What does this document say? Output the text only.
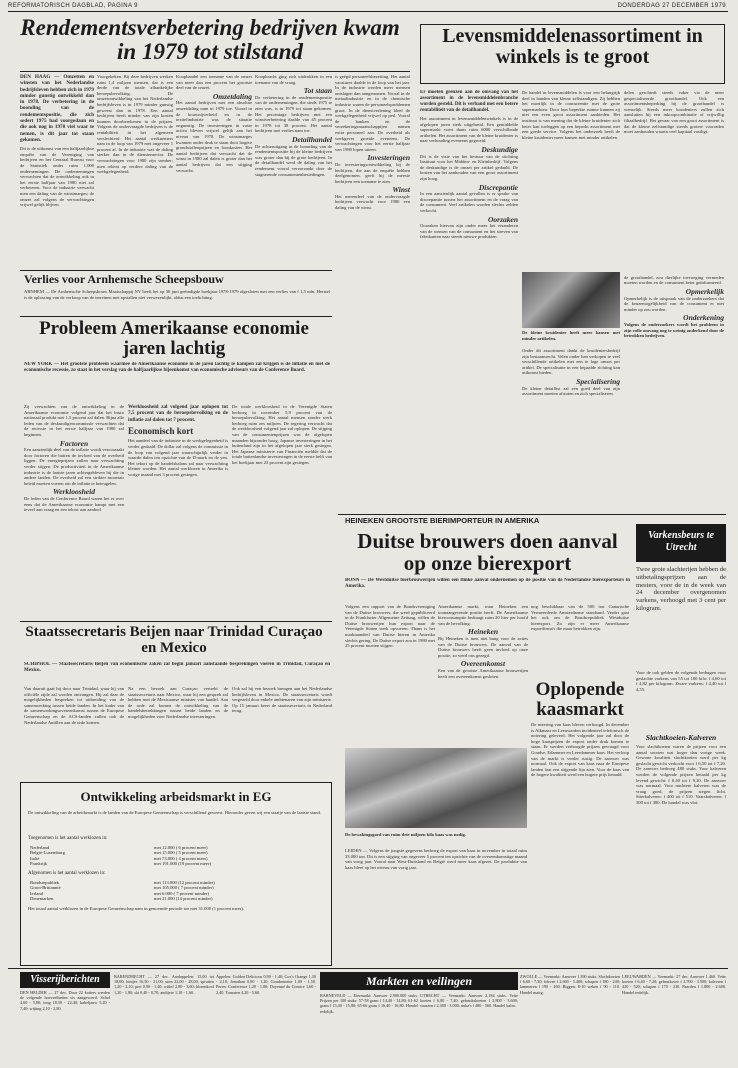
REFORMATORISCH DAGBLAD, PAGINA 9	DONDERDAG 27 DECEMBER 1979
Rendementsverbetering bedrijven kwam in 1979 tot stilstand
DEN HAAG — Omzetten en winsten van het Nederlandse bedrijfsleven hebben zich in 1979 minder gunstig ontwikkeld dan in 1978. De verbetering in de boonding van de rendementspositie, die zich sedert 1975 had voorgedaan en die ook nog in 1978 viel waar te nemen, is dit jaar tot staan gekomen.
Dit is de uitkomst van een halfjaarlijkse enquête van de Vereniging van bedrijven en het Centraal Bureau voor de Statistiek onder ruim 1.000 ondernemingen. De ondernemingen verwachten dat de ontwikkeling ook in het eerste halfjaar van 1980 niet zal verbeteren. Voor de industrie verwacht men een daling van de winstmarges; de omzet zal volgens de verwachtingen vrijwel gelijk blijven.
Voorgekeken. Bij deze bedrijven werken ruim 1,4 miljoen mensen, dat is een derde van de totale afhankelijke beroepsbevolking. De omzetontwikkeling van het Nederlandse bedrijfsleven is in 1979 minder gunstig geweest dan in 1978. Een aantal bedrijven heeft minder van zijn kosten kunnen doorberekenen in de prijzen. Volgens de ondervraagde bedrijven is de rentabiliteit in het algemeen verslechterd. Het aantal werknemers nam in de loop van 1979 met ongeveer 1 procent af. In de industrie was de daling sterker dan in de dienstensector. De verwachtingen voor 1980 zijn somber; men rekent op verdere daling van de werkgelegenheid.
Koophandel een toename van de omzet van meer dan een procent het grootste deel van de omzet.
Omzetdaling
Het aantal bedrijven met een absolute omzetdaling nam in 1979 toe. Vooral in de bouwnijverheid en in de textielindustrie was de situatie ongunstig. De investeringen in vaste activa bleven vrijwel gelijk aan het niveau van 1978. De winstmarges kwamen onder druk te staan door hogere grondstoffenprijzen en loonkosten. Het aantal bedrijven dat verwacht dat de winst in 1980 zal dalen is groter dan het aantal bedrijven dat een stijging verwacht.
Koopkracht ging zich uitdrukken in een toename van de vraag.
Tot staan
De verbetering in de rendementspositie van de ondernemingen, die sinds 1975 te zien was, is in 1979 tot staan gekomen. Het percentage bedrijven met een winstverbetering daalde van 45 procent in 1978 tot 38 procent. Het aantal bedrijven met verlies nam toe.
Detailhandel
De achteruitgang in de boonding van de rendementspositie bij de kleine bedrijven was groter dan bij de grote bedrijven. In de detailhandel werd de daling van het rendement vooral veroorzaakt door de stagnerende consumentenbestedingen.
is geëgd personeelsbezetting. Het aantal vacatures daalde in de loop van het jaar. In de industrie werden meer mensen ontslagen dan aangenomen. Vooral in de metaalindustrie en in de chemische industrie waren de personeelsproblemen groot. In de dienstverlening bleef de werkgelegenheid vrijwel op peil. Vooral de banken en de verzekeringsmaatschappijen namen extra personeel aan. De overheid als werkgever groeide eveneens. De verwachtingen voor het eerste halfjaar van 1980 lopen uiteen.
Investeringen
De investeringsontwikkeling bij de bedrijven, die aan de enquête hebben deelgenomen, geeft bij de meeste bedrijven een toename te zien.
Winst
Het merendeel van de ondervraagde bedrijven verwacht voor 1980 een daling van de winst.
Verlies voor Arnhemsche Scheepsbouw
ARNHEM — De Arnhemsche Scheepsbouw Maatschappij NV heeft het op 30 juni geëindigde boekjaar 1978-1979 afgesloten met een verlies van f 1,5 mln. Herstel is de oplossing van de verkoop van de terreinen met opstallen niet verwezenlijkt, aldus een toelichting.
Probleem Amerikaanse economie jaren lachtig
NEW YORK — Het grootste probleem waarmee de Amerikaanse economie in de jaren tachtig te kampen zal krijgen is de inflatie en niet de economische recessie, zo staat in het verslag van de halfjaarlijkse bijeenkomst van economische adviseurs van de Conference Board.
Zij verwachten van de ontwikkeling in de Amerikaanse economie volgend jaar dat het bruto nationaal produkt met 1,5 procent zal dalen. Bijna alle leden van de deskundigencommissie verwachten dat de recessie in het eerste halfjaar van 1980 zal beginnen.
Factoren
Een aanzienlijk deel van de inflatie wordt veroorzaakt door factoren die buiten de invloed van de overheid liggen. De energieprijzen zullen naar verwachting verder stijgen. De productiviteit in de Amerikaanse industrie is de laatste jaren achtergebleven bij die in andere landen. De overheid zal een strikter monetair beleid moeten voeren om de inflatie te beteugelen.
Werkloosheid
De leden van de Conference Board waren het er over eens dat de Amerikaanse economie kampt met een teveel aan vraag en een tekort aan aanbod.
Werkloosheid zal volgend jaar oplopen tot 7,5 procent van de beroepsbevolking en de inflatie zal dalen tot 7 procent.
Economisch kort
Het aandeel van de industrie in de werkgelegenheid is verder gedaald. De dollar zal volgens de commissie in de loop van volgend jaar waarschijnlijk verder in waarde dalen ten opzichte van de D-mark en de yen. Het tekort op de handelsbalans zal naar verwachting kleiner worden. Het aantal werklozen in Amerika is vorige maand met 3 procent gestegen.
De totale werkloosheid in de Verenigde Staten bedroeg in november 5,9 procent van de beroepsbevolking. Het aantal mensen zonder werk bedroeg ruim zes miljoen. De regering verwacht dat de werkloosheid volgend jaar zal oplopen. De stijging van de consumentenprijzen was de afgelopen maanden bijzonder hoog. Japanse investeringen in het buitenland zijn in het afgelopen jaar sterk gestegen. Het Japanse ministerie van Financiën meldde dat de totale buitenlandse investeringen in de eerste helft van het boekjaar met 23 procent zijn gestegen.
Staatssecretaris Beijen naar Trinidad Curaçao en Mexico
SCHIPHOL — Staatssecretaris Beijen van economische zaken zal begin januari aanstaande besprekingen voeren in Trinidad, Curaçao en Mexico.
Van daaruit gaat hij door naar Trinidad, waar hij van officiële zijde zal worden ontvangen. Hij zal daar de mogelijkheden bespreken tot uitbreiding van de samenwerking tussen beide landen. In het kader van de samenwerkingsovereenkomst tussen de Europese Gemeenschap en de ACS-landen zullen ook de Nederlandse Antillen aan de orde komen.
Na een bezoek aan Curaçao vertrekt de staatssecretaris naar Mexico, waar hij een gesprek zal hebben met de Mexicaanse minister van handel. Aan de orde zal komen de ontwikkeling van de handelsbetrekkingen tussen beide landen en de mogelijkheden voor Nederlandse investeringen.
Ook zal hij een bezoek brengen aan het Nederlandse bedrijfsleven in Mexico. De staatssecretaris wordt vergezeld door enkele ambtenaren van zijn ministerie. Op 15 januari keert de staatssecretaris in Nederland terug.
Ontwikkeling arbeidsmarkt in EG
De ontwikkeling van de arbeidsmarkt is de landen van de Europese Gemeenschap is verschillend geweest. Hieronder geven wij een staatje van de laatste stand.
Toegenomen is het aantal werklozen in:
Nederland	met 12.000 ( 6 procent meer)
België-Luxemburg	met 15.000 ( 5 procent meer)
Italië	met 73.000 ( 4 procent meer)
Frankrijk	met 191.000 (19 procent meer)
Afgenomen is het aantal werklozen in:
Bondsrepubliek	met 113.000 (12 procent minder)
Groot-Brittannië	met 105.000 ( 7 procent minder)
Ierland	met 6.000 ( 7 procent minder)
Denemarken	met 21.000 (14 procent minder)
Het totaal aantal werklozen in de Europese Gemeenschap nam in genoemde periode toe met 31.000 (1 procent meer).
Levensmiddelenassortiment in winkels is te groot
Er moeten grenzen aan de omvang van het assortiment in de levensmiddelenbranche worden gesteld. Dit is verband met een betere rentabiliteit van de detailhandel.
Het assortiment in levensmiddelenwinkels is in de afgelopen jaren sterk uitgebreid. Een gemiddelde supermarkt voert thans ruim 6000 verschillende artikelen. Het assortiment van de kleine kruidenier is naar verhouding eveneens gegroeid.
Deskundige
Dit is de visie van het bestuur van de stichting Instituut voor het Midden- en Kleinbedrijf. Volgens de deskundige is de omzet per artikel gedaald. De kosten van het aanhouden van een groot assortiment zijn hoog.
Discrepantie
In een aanzienlijk aantal gevallen is er sprake van discrepantie tussen het assortiment en de vraag van de consument. Veel artikelen worden slechts zelden verkocht.
Oorzaken
Oorzaken hiervan zijn onder meer het veranderen van de wensen van de consument en het streven van fabrikanten naar steeds nieuwe produkten.
De handel in levensmiddelen is voor een belangrijk deel in handen van kleine zelfstandigen. Zij hebben het moeilijk in de concurrentie met de grote supermarkten. Door hun beperkte ruimte kunnen zij niet een even groot assortiment aanbieden. Het instituut is van mening dat de kleine kruidenier zich beter kan toeleggen op een beperkt assortiment met een goede service. Volgens het onderzoek heeft de kleine kruidenier meer kansen met minder artikelen.
De kleine kruidenier heeft meer kansen met minder artikelen.
Onder dit assortiment dankt de kruideniersbedrijf zijn bestaansrecht. Velen onder hen verkopen te veel verschillende artikelen met een te lage omzet per artikel. De specialisatie in een bepaalde richting kan uitkomst bieden.
Specialisering
De kleine detaillist zal een goed deel van zijn assortiment moeten afstoten en zich specialiseren.
delen geschiedt steeds vaker via de meer gespecialiseerde groothandel. Ook een assortimentsbeperking bij de groothandel is wenselijk. Steeds meer kruideniers zullen zich aansluiten bij een inkoopcombinatie of vrijwillig filiaalbedrijf. Het gevaar van een groot assortiment is dat de kleine zelfstandige steeds grotere voorraden moet aanhouden waarin veel kapitaal vastligt.
de groothandel, zou dierlijke toevoeging vermeden moeten worden en de consument beter geïnformeerd.
Opmerkelijk
Opmerkelijk is de uitspraak van de onderzoekers dat de keuzemogelijkheid van de consument er niet minder op zou worden.
Onderkening
Volgens de onderzoekers wordt het probleem in zijn volle omvang nog te weinig onderkend door de betrokken bedrijven.
HEINEKEN GROOTSTE BIERIMPORTEUR IN AMERIKA
Duitse brouwers doen aanval op onze bierexport
BONN — De Westduitse bierbrouwerijen willen een flinke aanval ondernemen op de positie van de Nederlandse bierexporteurs in Amerika.
Volgens een rapport van de Bondsvereniging van de Duitse brouwers, die werd gepubliceerd in de Frankfurter Allgemeine Zeitung, willen de Duitse brouwerijen hun export naar de Verenigde Staten sterk opvoeren. Thans is het marktaandeel van Duitse bieren in Amerika slechts gering. De Duitse export zou in 1980 met 25 procent moeten stijgen.
Amerikaanse markt, waar Heineken een toonaangevende positie heeft. De Amerikaanse bierconsumptie bedraagt ruim 20 liter per hoofd van de bevolking.
Heineken
Bij Heineken is men niet bang voor de acties van de Duitse brouwers. De aanval van de Duitse brouwers heeft geen invloed op onze positie, zo werd ons gezegd.
Overeenkomst
Een van de grootste Amerikaanse brouwerijen heeft een overeenkomst gesloten.
nog beschikbaar van de 500 ton Canarische Vermeerderde Amsterdamse standaard. Verder gaat het ook om de Bondsrepubliek Westduitse bierexport. Zo zijn er meer Amerikaanse exportfirma's die maar betrokken zijn.
Oplopende kaasmarkt
De notering van kaas bleven verhoogd. In december is Alkmaar en Leeuwarden incidenteel telefonisch de notering geleverd. Het volgende jaar zal door de hoge kaasprijzen de export onder druk komen te staan. Er werden verhoogde prijzen gevraagd voor Goudse, Edammer en Leerdammer kaas. Het verloop van de markt is verder rustig. De aanvoer was normaal. Ook de export van kaas naar de Europese landen laat een stijgende lijn zien. Voor de kaas van de hogere kwaliteit werd een hogere prijs betaald.
De bewakingsgoed van ruim drie miljoen kilo kaas was nodig.
LEIDEN — Volgens de jongste gegevens bedroeg de export van kaas in november in totaal ruim 33.000 ton. Dit is een stijging van ongeveer 5 procent ten opzichte van de overeenkomstige maand van vorig jaar. Vooral naar West-Duitsland en België werd meer kaas afgezet. De produktie van kaas bleef op het niveau van vorig jaar.
Varkensbeurs te Utrecht
Twee grote slachterijen hebben de uitbetalingsprijzen aan de mesters, voor de in de week van 24 december overgenomen varkens, verhoogd met 3 cent per kilogram.
Voor de ook gelden de volgende bedragen voor geslachte varkens van 55 tot 100 kilo: f 4,60 tot f 4,82 per kilogram. Zware varkens: f 4,40 tot f 4,55.
Slachtkoeien-Kalveren
Voor slachtkoeien waren de prijzen voor een aantal soorten wat hoger dan vorige week. Gewone kwaliteit slachtkoeien werd per kg geslacht gewicht verkocht voor f 6,50 tot f 7,20. De aanvoer bedroeg 480 stuks. Voor kalveren werden de volgende prijzen betaald per kg levend gewicht: f 8,40 tot f 9,20. De aanvoer was normaal. Voor nuchtere kalveren was de vraag goed, de prijzen stegen licht. Stierkalveren: f 400 tot f 510. Vaarskalveren: f 300 tot f 380. De handel was vlot.
Visserijberichten
DEN HELDER — 27 dec. Door 22 kotters werden de volgende hoeveelheden vis aangevoerd. Schol 4,60 - 5,80; tong 18,50 - 22,40; kabeljauw 5,20 - 7,40; wijting 2,10 - 2,80.
BARENDRECHT — 27 dec. Aardappelen: 15,00 tot 18,00; bintjes 16,50 - 21,00; uien 22,00 - 28,00; spruiten 1,20 - 2,10; prei 0,90 - 1,40; witlof 2,80 - 3,60; bloemkool 1,20 - 1,80; sla 0,40 - 0,70; andijvie 1,10 - 1,60.
Appelen: Golden Delicious 0,90 - 1,40; Cox's Orange 1,30 - 2,10; Jonathan 0,80 - 1,20; Goudreinette 1,00 - 1,50. Peren: Conference 1,20 - 1,80; Doyenné du Comice 1,60 - 2,40. Tomaten 4,20 - 5,60.
Markten en veilingen
BARNEVELD — Eiermarkt: Aanvoer 2.900.000 stuks. Prijzen per 100 stuks: 57-58 gram f 14,40 - 14,80; 61-62 gram f 15,40 - 15,80; 65-66 gram f 16,40 - 16,80. Handel redelijk.
UTRECHT — Veemarkt: Aanvoer 2.184 stuks. Vette koeien f 6,80 - 7,40; gebruikskoeien f 2.800 - 3.600; vaarzen f 2.400 - 3.000; nuka's f 480 - 560. Handel kalm.
ZWOLLE — Veemarkt: Aanvoer 1.390 stuks. Slachtkoeien f 6,60 - 7,30; fokvee f 2.600 - 3.400; schapen f 180 - 240; lammeren f 190 - 260. Biggen: 8-10 weken f 90 - 110. Handel matig.
LEEUWARDEN — Veemarkt: 27 dec. Aanvoer 1.460. Vette koeien f 6,40 - 7,20; gebruiksvee f 2.700 - 3.500; kalveren f 420 - 520; schapen f 170 - 230. Paarden f 1.800 - 2.600. Handel redelijk.
